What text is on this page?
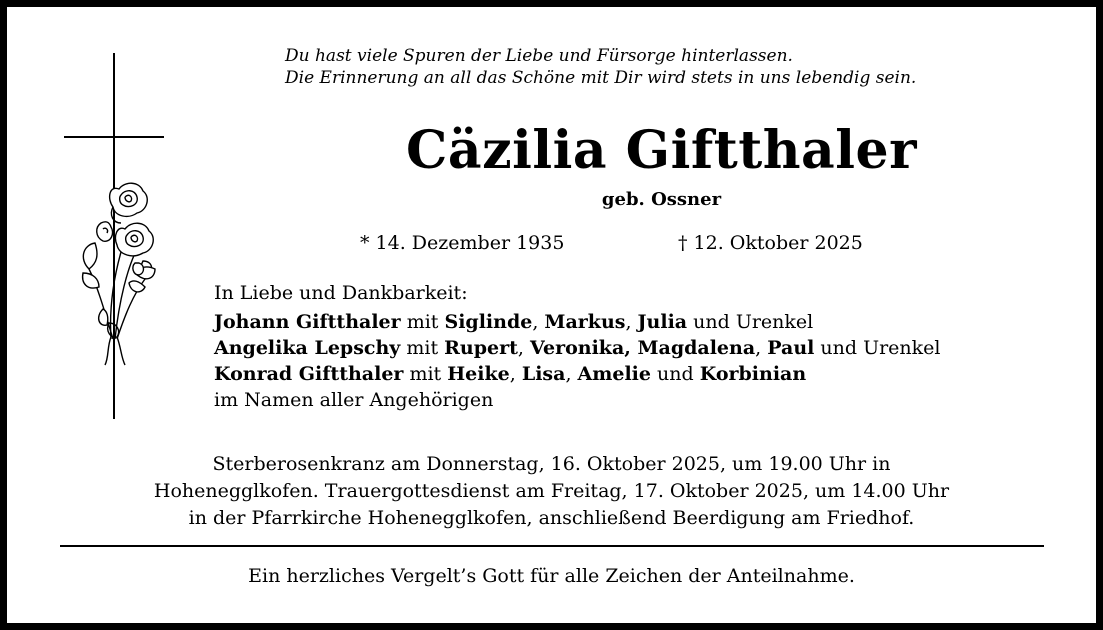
Du hast viele Spuren der Liebe und Fürsorge hinterlassen.
Die Erinnerung an all das Schöne mit Dir wird stets in uns lebendig sein.
Cäzilia Giftthaler
geb. Ossner
* 14. Dezember 1935	† 12. Oktober 2025
In Liebe und Dankbarkeit:
Johann Giftthaler mit Siglinde, Markus, Julia und Urenkel
Angelika Lepschy mit Rupert, Veronika, Magdalena, Paul und Urenkel
Konrad Giftthaler mit Heike, Lisa, Amelie und Korbinian
im Namen aller Angehörigen
Sterberosenkranz am Donnerstag, 16. Oktober 2025, um 19.00 Uhr in
Hohenegglkofen. Trauergottesdienst am Freitag, 17. Oktober 2025, um 14.00 Uhr
in der Pfarrkirche Hohenegglkofen, anschließend Beerdigung am Friedhof.
Ein herzliches Vergelt’s Gott für alle Zeichen der Anteilnahme.
